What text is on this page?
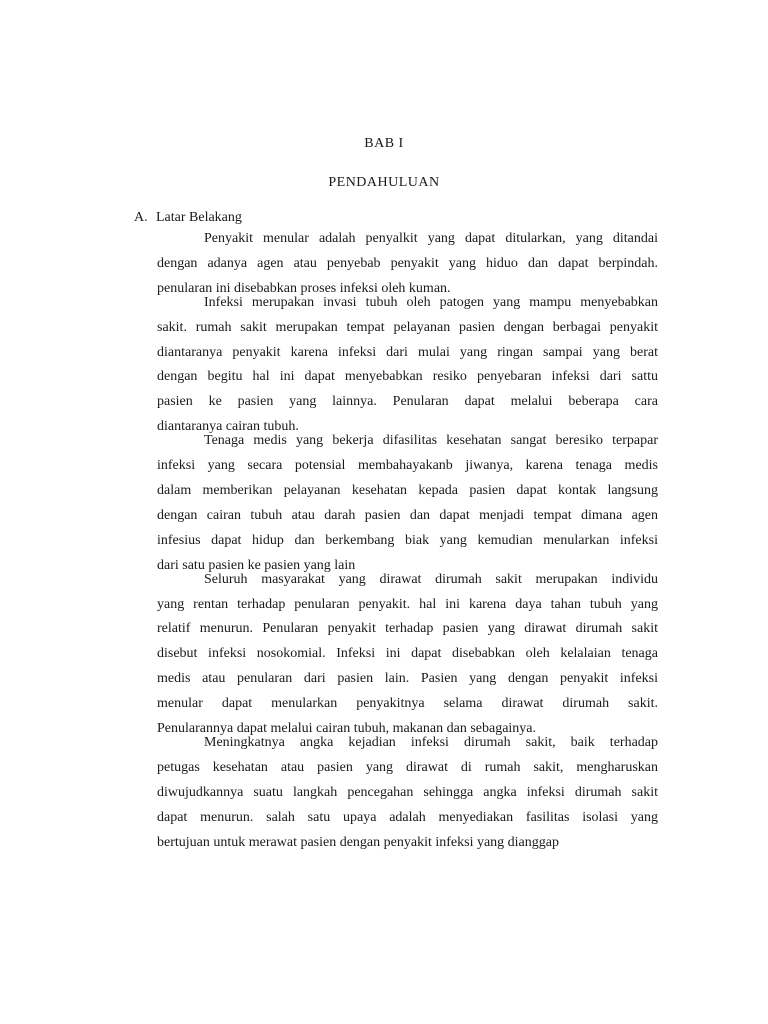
BAB I
PENDAHULUAN
A. Latar Belakang
Penyakit menular adalah penyalkit yang dapat ditularkan, yang ditandai
dengan adanya agen atau penyebab penyakit yang hiduo dan dapat berpindah.
penularan ini disebabkan proses infeksi oleh kuman.
Infeksi merupakan invasi tubuh oleh patogen yang mampu menyebabkan
sakit. rumah sakit merupakan tempat pelayanan pasien dengan berbagai penyakit
diantaranya penyakit karena infeksi dari mulai yang ringan sampai yang berat
dengan begitu hal ini dapat menyebabkan resiko penyebaran infeksi dari sattu
pasien ke pasien yang lainnya. Penularan dapat melalui beberapa cara
diantaranya cairan tubuh.
Tenaga medis yang bekerja difasilitas kesehatan sangat beresiko terpapar
infeksi yang secara potensial membahayakanb jiwanya, karena tenaga medis
dalam memberikan pelayanan kesehatan kepada pasien dapat kontak langsung
dengan cairan tubuh atau darah pasien dan dapat menjadi tempat dimana agen
infesius dapat hidup dan berkembang biak yang kemudian menularkan infeksi
dari satu pasien ke pasien yang lain
Seluruh masyarakat yang dirawat dirumah sakit merupakan individu
yang rentan terhadap penularan penyakit. hal ini karena daya tahan tubuh yang
relatif menurun. Penularan penyakit terhadap pasien yang dirawat dirumah sakit
disebut infeksi nosokomial. Infeksi ini dapat disebabkan oleh kelalaian tenaga
medis atau penularan dari pasien lain. Pasien yang dengan penyakit infeksi
menular dapat menularkan penyakitnya selama dirawat dirumah sakit.
Penularannya dapat melalui cairan tubuh, makanan dan sebagainya.
Meningkatnya angka kejadian infeksi dirumah sakit, baik terhadap
petugas kesehatan atau pasien yang dirawat di rumah sakit, mengharuskan
diwujudkannya suatu langkah pencegahan sehingga angka infeksi dirumah sakit
dapat menurun. salah satu upaya adalah menyediakan fasilitas isolasi yang
bertujuan untuk merawat pasien dengan penyakit infeksi yang dianggap
